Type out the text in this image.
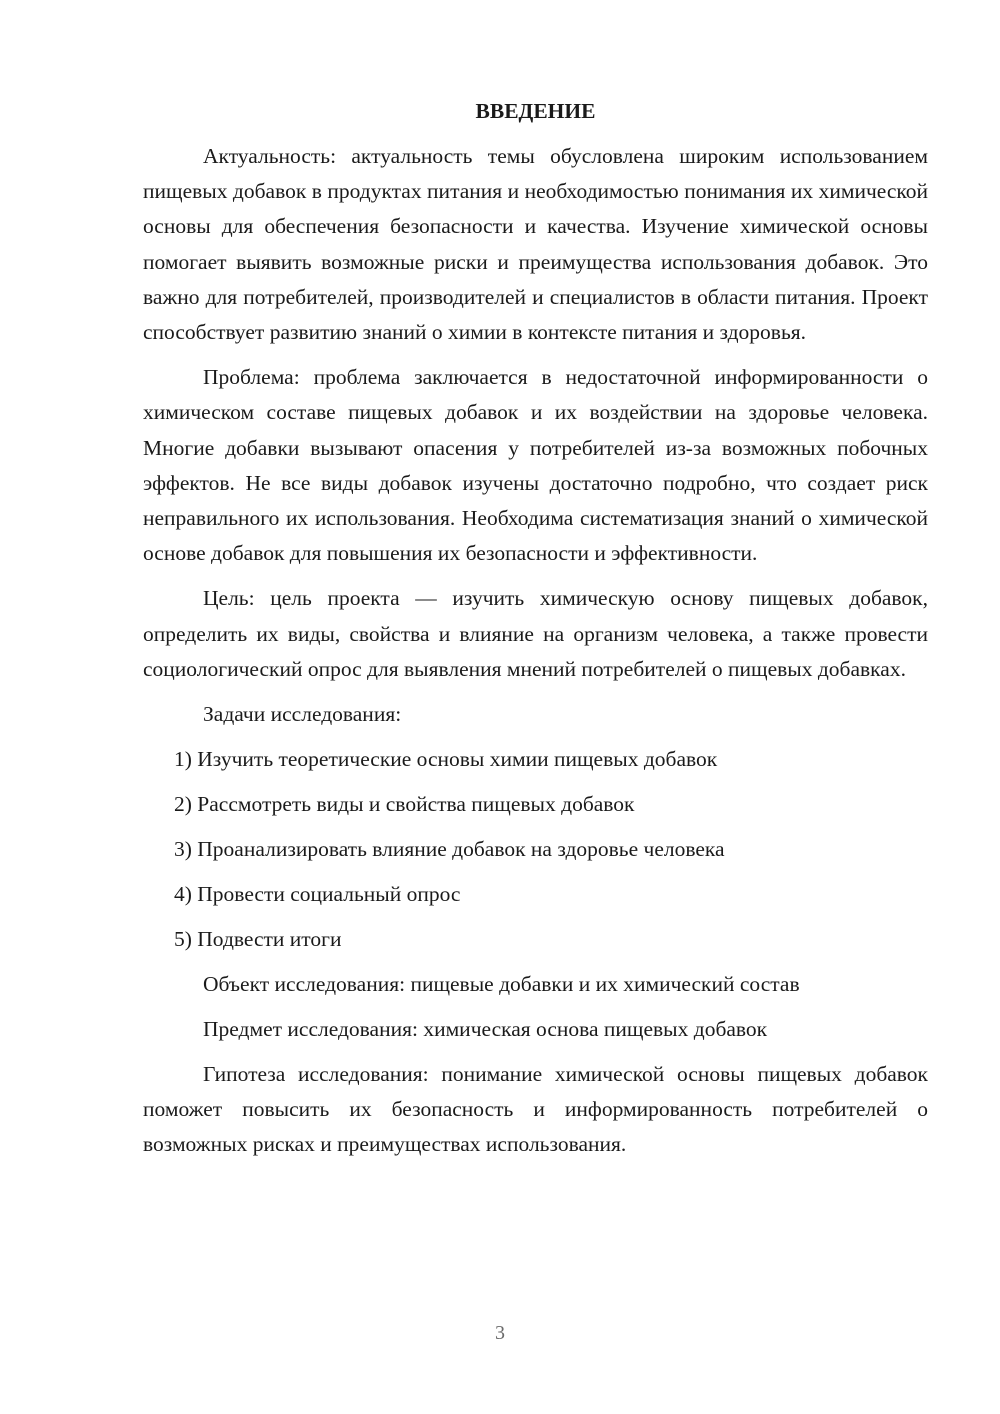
ВВЕДЕНИЕ

Актуальность: актуальность темы обусловлена широким использованием пищевых добавок в продуктах питания и необходимостью понимания их химической основы для обеспечения безопасности и качества. Изучение химической основы помогает выявить возможные риски и преимущества использования добавок. Это важно для потребителей, производителей и специалистов в области питания. Проект способствует развитию знаний о химии в контексте питания и здоровья.

Проблема: проблема заключается в недостаточной информированности о химическом составе пищевых добавок и их воздействии на здоровье человека. Многие добавки вызывают опасения у потребителей из-за возможных побочных эффектов. Не все виды добавок изучены достаточно подробно, что создает риск неправильного их использования. Необходима систематизация знаний о химической основе добавок для повышения их безопасности и эффективности.

Цель: цель проекта — изучить химическую основу пищевых добавок, определить их виды, свойства и влияние на организм человека, а также провести социологический опрос для выявления мнений потребителей о пищевых добавках.

Задачи исследования:

1) Изучить теоретические основы химии пищевых добавок

2) Рассмотреть виды и свойства пищевых добавок

3) Проанализировать влияние добавок на здоровье человека

4) Провести социальный опрос

5) Подвести итоги

Объект исследования: пищевые добавки и их химический состав

Предмет исследования: химическая основа пищевых добавок

Гипотеза исследования: понимание химической основы пищевых добавок поможет повысить их безопасность и информированность потребителей о возможных рисках и преимуществах использования.

3
